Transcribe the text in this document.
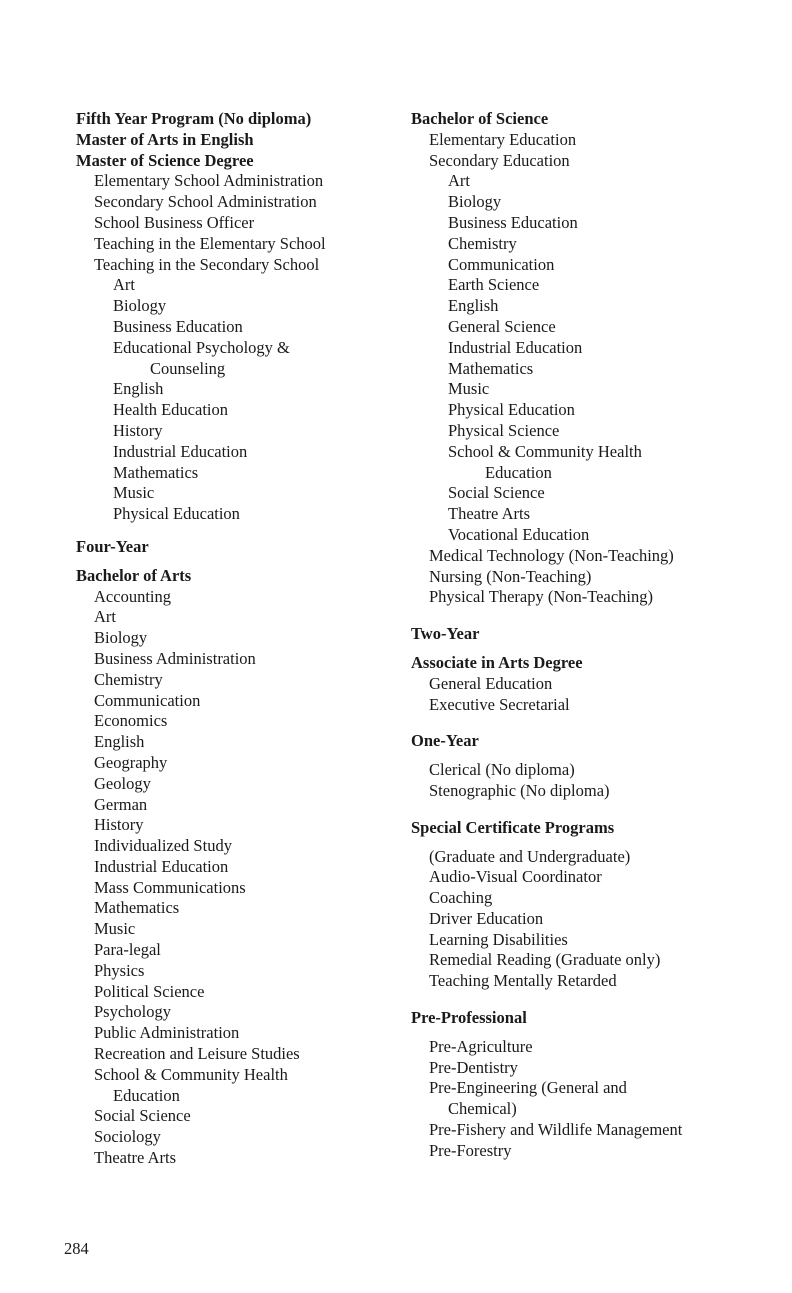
Fifth Year Program (No diploma)
Master of Arts in English
Master of Science Degree
Elementary School Administration
Secondary School Administration
School Business Officer
Teaching in the Elementary School
Teaching in the Secondary School
Art
Biology
Business Education
Educational Psychology &
Counseling
English
Health Education
History
Industrial Education
Mathematics
Music
Physical Education
Four-Year
Bachelor of Arts
Accounting
Art
Biology
Business Administration
Chemistry
Communication
Economics
English
Geography
Geology
German
History
Individualized Study
Industrial Education
Mass Communications
Mathematics
Music
Para-legal
Physics
Political Science
Psychology
Public Administration
Recreation and Leisure Studies
School & Community Health
Education
Social Science
Sociology
Theatre Arts
Bachelor of Science
Elementary Education
Secondary Education
Art
Biology
Business Education
Chemistry
Communication
Earth Science
English
General Science
Industrial Education
Mathematics
Music
Physical Education
Physical Science
School & Community Health
Education
Social Science
Theatre Arts
Vocational Education
Medical Technology (Non-Teaching)
Nursing (Non-Teaching)
Physical Therapy (Non-Teaching)
Two-Year
Associate in Arts Degree
General Education
Executive Secretarial
One-Year
Clerical (No diploma)
Stenographic (No diploma)
Special Certificate Programs
(Graduate and Undergraduate)
Audio-Visual Coordinator
Coaching
Driver Education
Learning Disabilities
Remedial Reading (Graduate only)
Teaching Mentally Retarded
Pre-Professional
Pre-Agriculture
Pre-Dentistry
Pre-Engineering (General and
Chemical)
Pre-Fishery and Wildlife Management
Pre-Forestry
284
